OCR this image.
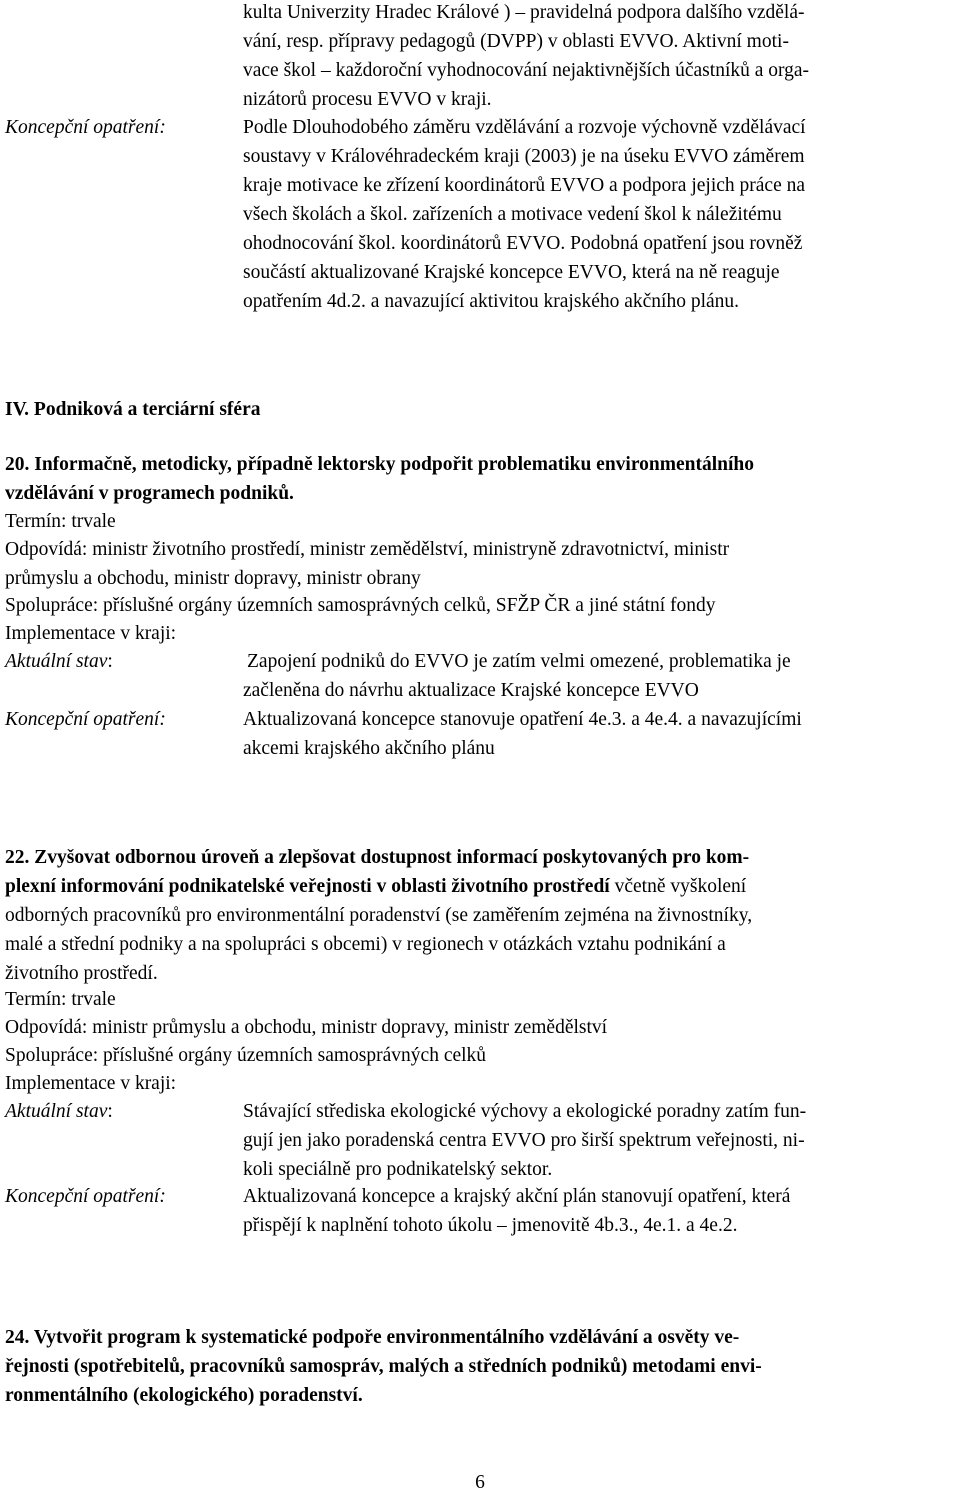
kulta Univerzity Hradec Králové ) – pravidelná podpora dalšího vzdělá-
vání, resp. přípravy pedagogů (DVPP) v oblasti EVVO. Aktivní moti-
vace škol – každoroční vyhodnocování nejaktivnějších účastníků a orga-
nizátorů procesu EVVO v kraji.
Koncepční opatření:	Podle Dlouhodobého záměru vzdělávání a rozvoje výchovně vzdělávací
soustavy v Královéhradeckém kraji (2003) je na úseku EVVO záměrem
kraje motivace ke zřízení koordinátorů EVVO a podpora jejich práce na
všech školách a škol. zařízeních a motivace vedení škol k náležitému
ohodnocování škol. koordinátorů EVVO. Podobná opatření jsou rovněž
součástí aktualizované Krajské koncepce EVVO, která na ně reaguje
opatřením 4d.2. a navazující aktivitou krajského akčního plánu.
IV. Podniková a terciární sféra
20. Informačně, metodicky, případně lektorsky podpořit problematiku environmentálního
vzdělávání v programech podniků.
Termín: trvale
Odpovídá: ministr životního prostředí, ministr zemědělství, ministryně zdravotnictví, ministr
průmyslu a obchodu, ministr dopravy, ministr obrany
Spolupráce: příslušné orgány územních samosprávných celků, SFŽP ČR a jiné státní fondy
Implementace v kraji:
Aktuální stav:	Zapojení podniků do EVVO je zatím velmi omezené, problematika je
začleněna do návrhu aktualizace Krajské koncepce EVVO
Koncepční opatření:	Aktualizovaná koncepce stanovuje opatření 4e.3. a 4e.4. a navazujícími
akcemi krajského akčního plánu
22. Zvyšovat odbornou úroveň a zlepšovat dostupnost informací poskytovaných pro kom-
plexní informování podnikatelské veřejnosti v oblasti životního prostředí včetně vyškolení
odborných pracovníků pro environmentální poradenství (se zaměřením zejména na živnostníky,
malé a střední podniky a na spolupráci s obcemi) v regionech v otázkách vztahu podnikání a
životního prostředí.
Termín: trvale
Odpovídá: ministr průmyslu a obchodu, ministr dopravy, ministr zemědělství
Spolupráce: příslušné orgány územních samosprávných celků
Implementace v kraji:
Aktuální stav:	Stávající střediska ekologické výchovy a ekologické poradny zatím fun-
gují jen jako poradenská centra EVVO pro širší spektrum veřejnosti, ni-
koli speciálně pro podnikatelský sektor.
Koncepční opatření:	Aktualizovaná koncepce a krajský akční plán stanovují opatření, která
přispějí k naplnění tohoto úkolu – jmenovitě 4b.3., 4e.1. a 4e.2.
24. Vytvořit program k systematické podpoře environmentálního vzdělávání a osvěty ve-
řejnosti (spotřebitelů, pracovníků samospráv, malých a středních podniků) metodami envi-
ronmentálního (ekologického) poradenství.
6
